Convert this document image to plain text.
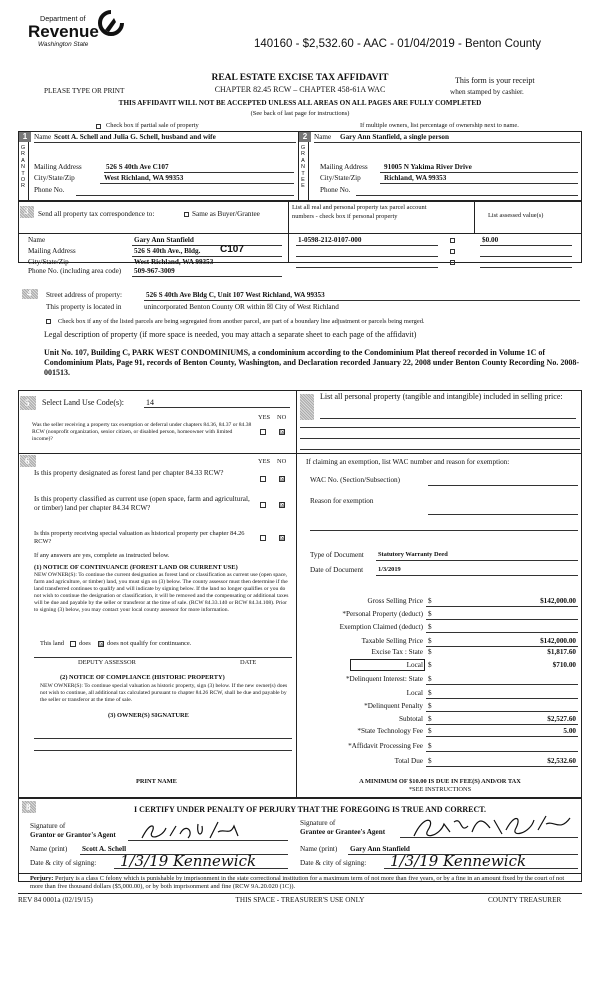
Department of
Revenue
Washington State	140160 - $2,532.60 - AAC - 01/04/2019 - Benton County
REAL ESTATE EXCISE TAX AFFIDAVIT
CHAPTER 82.45 RCW – CHAPTER 458-61A WAC
PLEASE TYPE OR PRINT
This form is your receipt
when stamped by cashier.
THIS AFFIDAVIT WILL NOT BE ACCEPTED UNLESS ALL AREAS ON ALL PAGES ARE FULLY COMPLETED
(See back of last page for instructions)
Check box if partial sale of property	If multiple owners, list percentage of ownership next to name.
1
G
R
A
N
T
O
R
Name Scott A. Schell and Julia G. Schell, husband and wife
Mailing Address	526 S 40th Ave C107
City/State/Zip	West Richland, WA 99353
Phone No.
2
G
R
A
N
T
E
E
Name Gary Ann Stanfield, a single person
Mailing Address 91005 N Yakima River Drive
City/State/Zip	Richland, WA 99353
Phone No.
3 Send all property tax correspondence to:	Same as Buyer/Grantee
List all real and personal property tax parcel account
numbers - check box if personal property	List assessed value(s)
Name	Gary Ann Stanfield
Mailing Address	526 S 40th Ave., Bldg. C107
City/State/Zip	West Richland, WA 99353
Phone No. (including area code) 509-967-3009
1-0598-212-0107-000	$0.00
4 Street address of property:	526 S 40th Ave Bldg C, Unit 107 West Richland, WA 99353
This property is located in	unincorporated Benton County OR within ☒ City of West Richland
Check box if any of the listed parcels are being segregated from another parcel, are part of a boundary line adjustment or parcels being merged.
Legal description of property (if more space is needed, you may attach a separate sheet to each page of the affidavit)
Unit No. 107, Building C, PARK WEST CONDOMINIUMS, a condominium according to the Condominium Plat thereof recorded in Volume 1C of Condominium Plats, Page 91, records of Benton County, Washington, and Declaration recorded January 22, 2008 under Benton County Recording No. 2008-001513.
5 Select Land Use Code(s):	14
YES NO
Was the seller receiving a property tax exemption or deferral under chapters 84.36, 84.37 or 84.38 RCW (nonprofit organization, senior citizen, or disabled person, homeowner with limited income)?
☒
List all personal property (tangible and intangible) included in selling price:
6	YES NO
Is this property designated as forest land per chapter 84.33 RCW?
☒
Is this property classified as current use (open space, farm and agricultural, or timber) land per chapter 84.34 RCW?	☒
Is this property receiving special valuation as historical property per chapter 84.26 RCW?	☒
If any answers are yes, complete as instructed below.
(1) NOTICE OF CONTINUANCE (FOREST LAND OR CURRENT USE)
NEW OWNER(S): To continue the current designation as forest land or classification as current use (open space, farm and agriculture, or timber) land, you must sign on (3) below. The county assessor must then determine if the land transferred continues to qualify and will indicate by signing below. If the land no longer qualifies or you do not wish to continue the designation or classification, it will be removed and the compensating or additional taxes will be due and payable by the seller or transferor at the time of sale. (RCW 84.33.140 or RCW 84.34.108). Prior to signing (3) below, you may contact your local county assessor for more information.
This land does ☒ does not qualify for continuance.
DEPUTY ASSESSOR	DATE
(2) NOTICE OF COMPLIANCE (HISTORIC PROPERTY)
NEW OWNER(S): To continue special valuation as historic property, sign (3) below. If the new owner(s) does not wish to continue, all additional tax calculated pursuant to chapter 84.26 RCW, shall be due and payable by the seller or transferor at the time of sale.
(3) OWNER(S) SIGNATURE
PRINT NAME
If claiming an exemption, list WAC number and reason for exemption:
WAC No. (Section/Subsection)
Reason for exemption
Type of Document Statutory Warranty Deed
Date of Document 1/3/2019
Gross Selling Price $	$142,000.00
*Personal Property (deduct) $
Exemption Claimed (deduct) $
Taxable Selling Price $	$142,000.00
Excise Tax : State $	$1,817.60
Local $	$710.00
*Delinquent Interest: State $
Local $
*Delinquent Penalty $
Subtotal $	$2,527.60
*State Technology Fee $	5.00
*Affidavit Processing Fee $
Total Due $	$2,532.60
A MINIMUM OF $10.00 IS DUE IN FEE(S) AND/OR TAX
*SEE INSTRUCTIONS
8	I CERTIFY UNDER PENALTY OF PERJURY THAT THE FOREGOING IS TRUE AND CORRECT.
Signature of
Grantor or Grantor's Agent
Name (print) Scott A. Schell
Date & city of signing: 1/3/19 Kennewick
Signature of
Grantee or Grantee's Agent
Name (print) Gary Ann Stanfield
Date & city of signing: 1/3/19 Kennewick
Perjury: Perjury is a class C felony which is punishable by imprisonment in the state correctional institution for a maximum term of not more than five years, or by a fine in an amount fixed by the court of not more than five thousand dollars ($5,000.00), or by both imprisonment and fine (RCW 9A.20.020 (1C)).
REV 84 0001a (02/19/15)	THIS SPACE - TREASURER'S USE ONLY	COUNTY TREASURER
